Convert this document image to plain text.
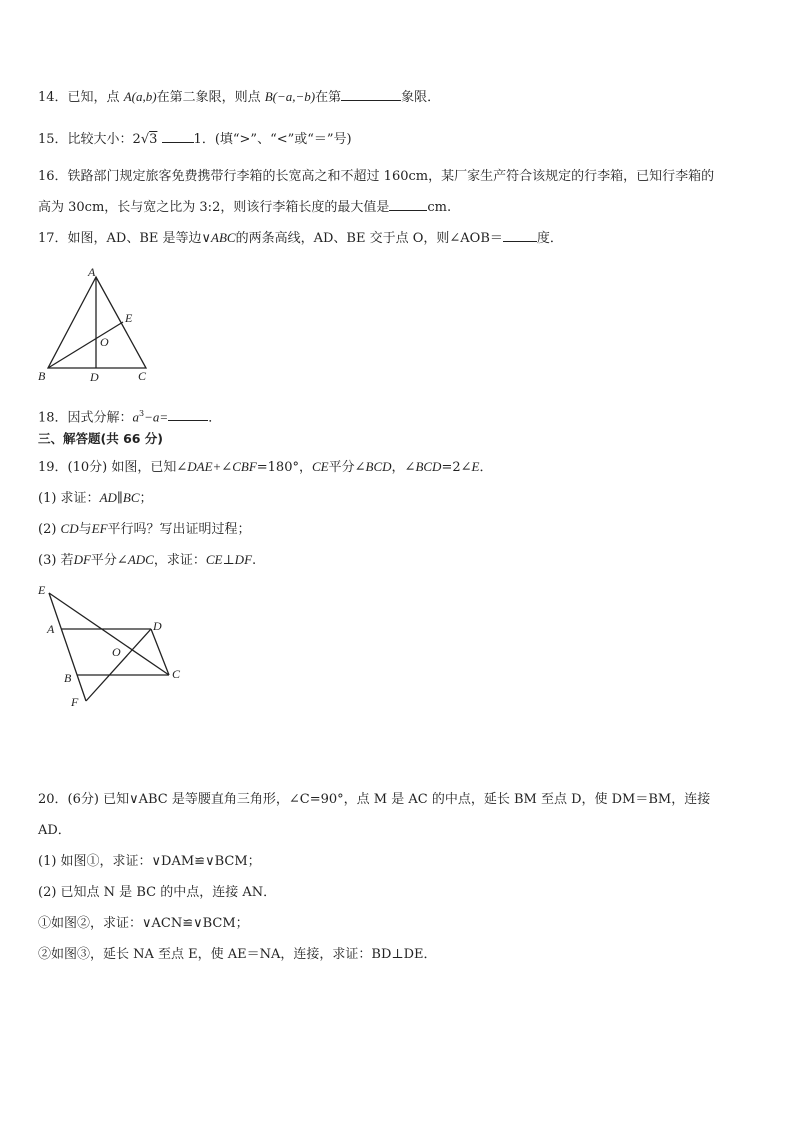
14．已知，点 A(a,b)在第二象限，则点 B(−a,−b)在第	象限．
15．比较大小：2√3	1．(填“>”、“<”或“＝”号)
16．铁路部门规定旅客免费携带行李箱的长宽高之和不超过 160cm，某厂家生产符合该规定的行李箱，已知行李箱的
高为 30cm，长与宽之比为 3:2，则该行李箱长度的最大值是	cm.
17．如图，AD、BE 是等边∨ABC的两条高线，AD、BE 交于点 O，则∠AOB＝	度．
A
B	C
D
E
O
18．因式分解：$a^3-a=$	．
三、解答题(共 66 分)
19．(10分) 如图，已知∠DAE+∠CBF=180°，CE平分∠BCD，∠BCD=2∠E．
(1) 求证：AD∥BC；
(2) CD与EF平行吗？写出证明过程；
(3) 若DF平分∠ADC，求证：CE⊥DF.
E
A	D
O
B	C
F
20．(6分) 已知∨ABC 是等腰直角三角形，∠C=90°，点 M 是 AC 的中点，延长 BM 至点 D，使 DM＝BM，连接
AD．
(1) 如图①，求证：∨DAM≌∨BCM；
(2) 已知点 N 是 BC 的中点，连接 AN．
①如图②，求证：∨ACN≌∨BCM；
②如图③，延长 NA 至点 E，使 AE＝NA，连接，求证：BD⊥DE．
